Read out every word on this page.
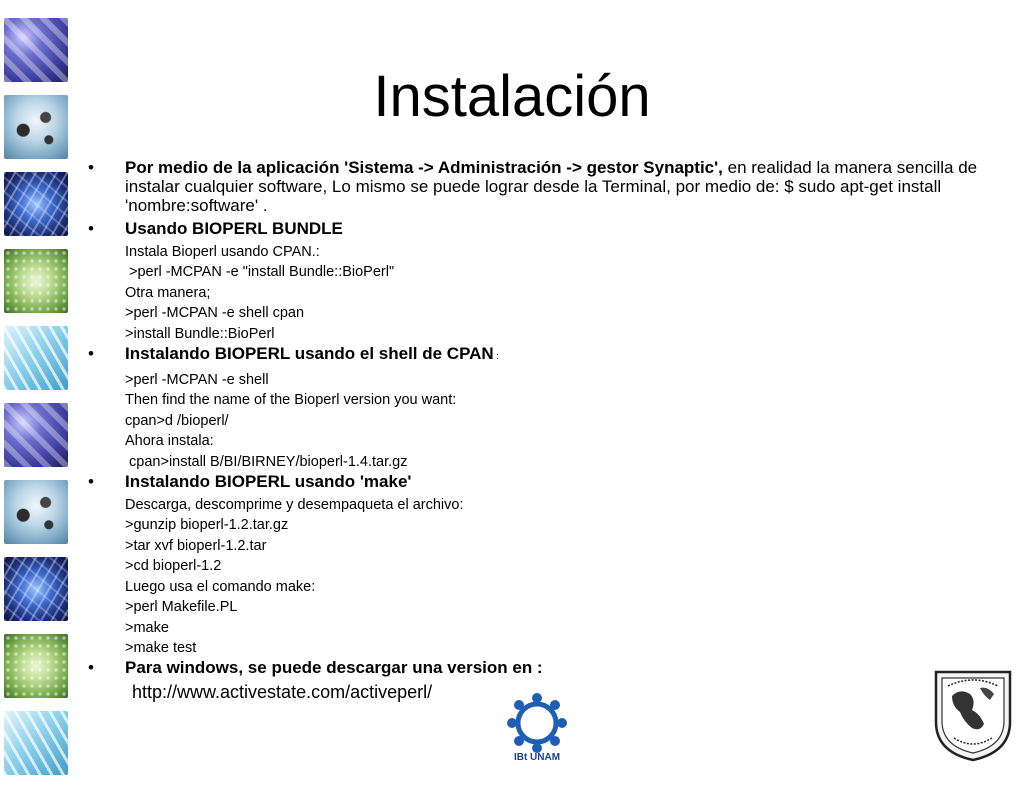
Instalación
• Por medio de la aplicación 'Sistema -> Administración -> gestor Synaptic', en realidad la manera sencilla de instalar cualquier software, Lo mismo se puede lograr desde la Terminal, por medio de: $ sudo apt-get install 'nombre:software' .
• Usando BIOPERL BUNDLE
Instala Bioperl usando CPAN.:
>perl -MCPAN -e "install Bundle::BioPerl"
Otra manera;
>perl -MCPAN -e shell cpan
>install Bundle::BioPerl
• Instalando BIOPERL usando el shell de CPAN :
>perl -MCPAN -e shell
Then find the name of the Bioperl version you want:
cpan>d /bioperl/
Ahora instala:
cpan>install B/BI/BIRNEY/bioperl-1.4.tar.gz
• Instalando BIOPERL usando 'make'
Descarga, descomprime y desempaqueta el archivo:
>gunzip bioperl-1.2.tar.gz
>tar xvf bioperl-1.2.tar
>cd bioperl-1.2
Luego usa el comando make:
>perl Makefile.PL
>make
>make test
• Para windows, se puede descargar una version en :
http://www.activestate.com/activeperl/
IBt UNAM
